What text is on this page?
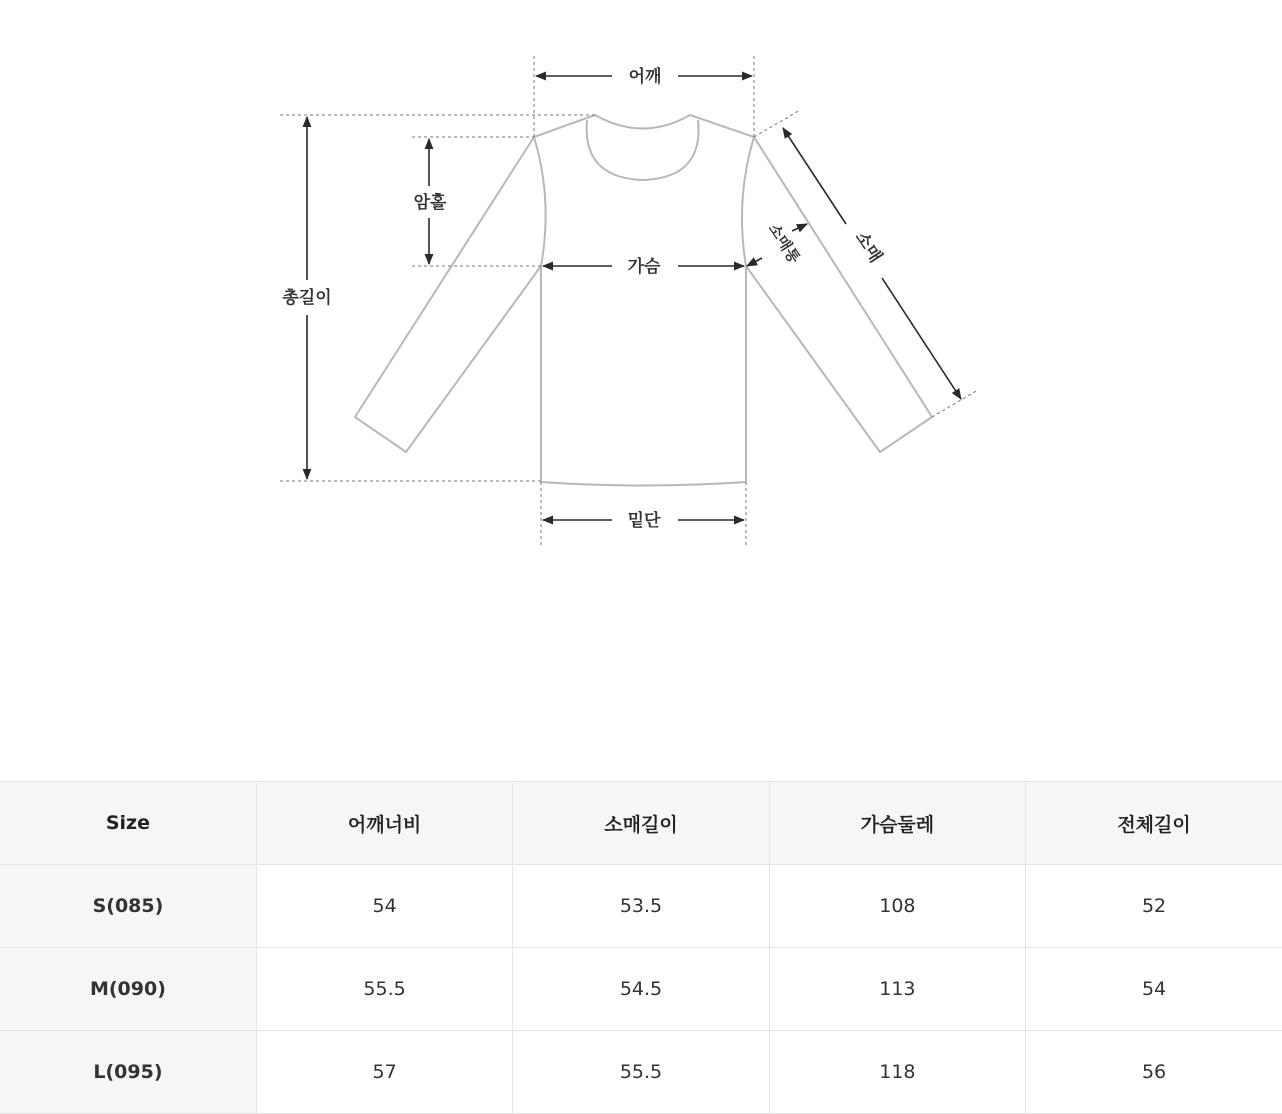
어깨
암홀
총길이
가슴
밑단
소매
소매통
Size	어깨너비	소매길이	가슴둘레	전체길이
S(085)	54	53.5	108	52
M(090)	55.5	54.5	113	54
L(095)	57	55.5	118	56
